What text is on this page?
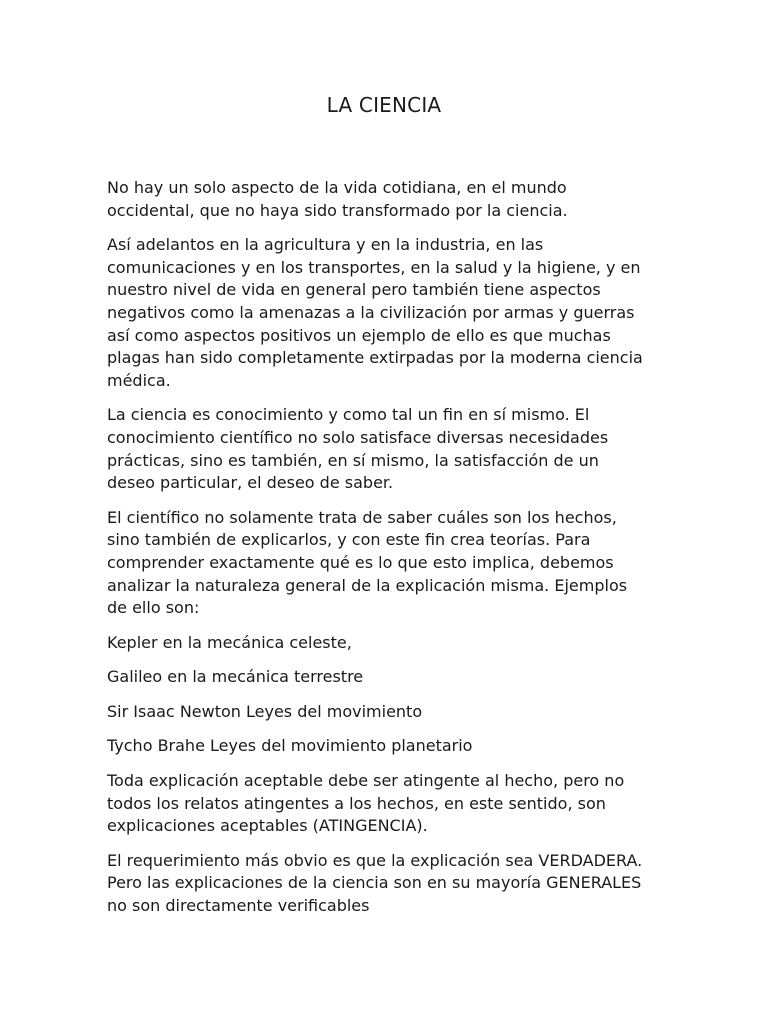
LA CIENCIA

No hay un solo aspecto de la vida cotidiana, en el mundo
occidental, que no haya sido transformado por la ciencia.

Así adelantos en la agricultura y en la industria, en las
comunicaciones y en los transportes, en la salud y la higiene, y en
nuestro nivel de vida en general pero también tiene aspectos
negativos como la amenazas a la civilización por armas y guerras
así como aspectos positivos un ejemplo de ello es que muchas
plagas han sido completamente extirpadas por la moderna ciencia
médica.

La ciencia es conocimiento y como tal un fin en sí mismo. El
conocimiento científico no solo satisface diversas necesidades
prácticas, sino es también, en sí mismo, la satisfacción de un
deseo particular, el deseo de saber.

El científico no solamente trata de saber cuáles son los hechos,
sino también de explicarlos, y con este fin crea teorías. Para
comprender exactamente qué es lo que esto implica, debemos
analizar la naturaleza general de la explicación misma. Ejemplos
de ello son:

Kepler en la mecánica celeste,

Galileo en la mecánica terrestre

Sir Isaac Newton Leyes del movimiento

Tycho Brahe Leyes del movimiento planetario

Toda explicación aceptable debe ser atingente al hecho, pero no
todos los relatos atingentes a los hechos, en este sentido, son
explicaciones aceptables (ATINGENCIA).

El requerimiento más obvio es que la explicación sea VERDADERA.
Pero las explicaciones de la ciencia son en su mayoría GENERALES
no son directamente verificables
